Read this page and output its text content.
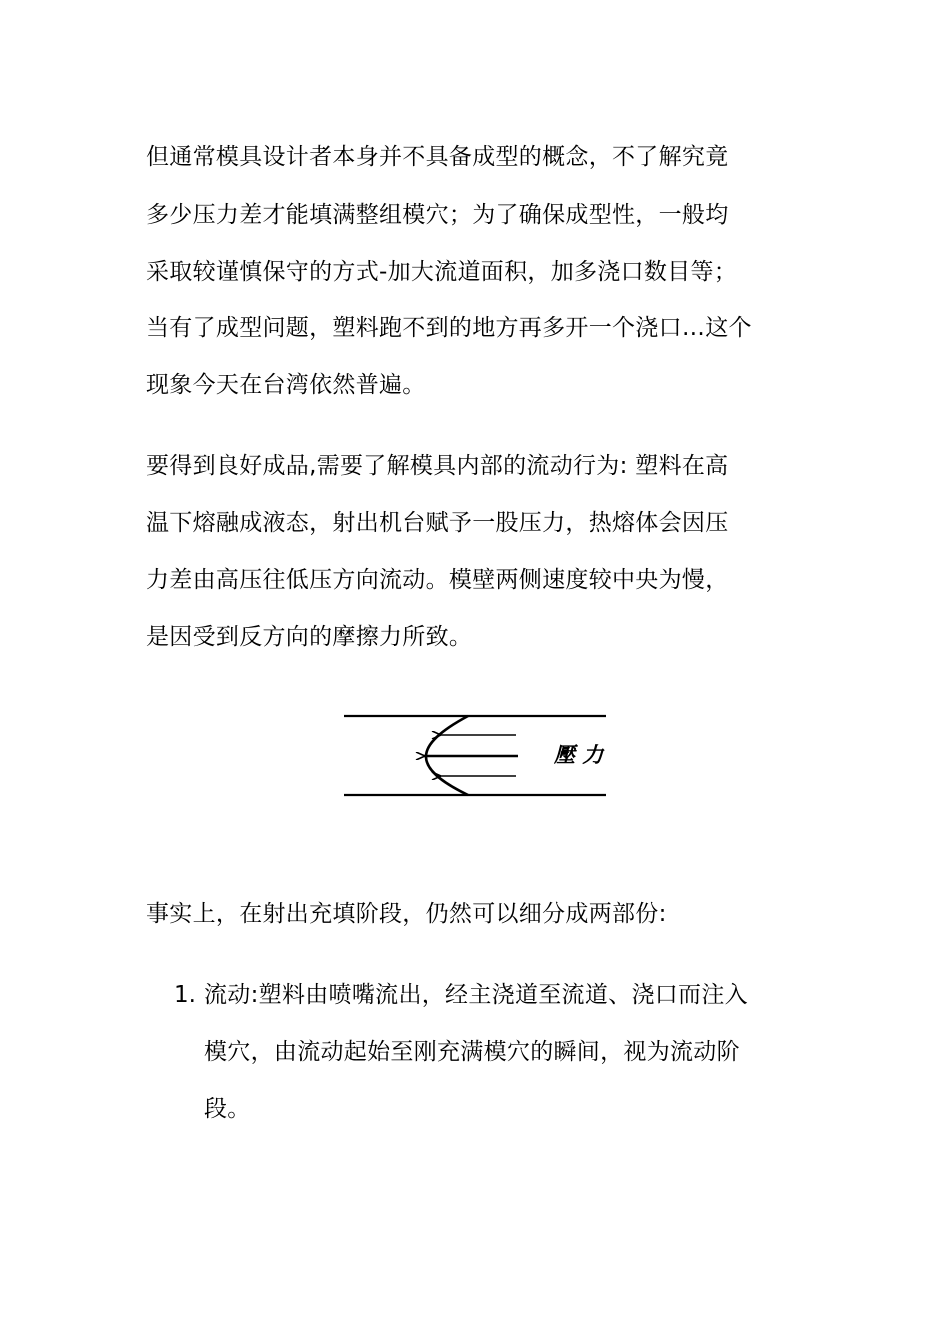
但通常模具设计者本身并不具备成型的概念，不了解究竟
多少压力差才能填满整组模穴；为了确保成型性，一般均
采取较谨慎保守的方式-加大流道面积，加多浇口数目等；
当有了成型问题，塑料跑不到的地方再多开一个浇口…这个
现象今天在台湾依然普遍。
要得到良好成品,需要了解模具内部的流动行为: 塑料在高
温下熔融成液态，射出机台赋予一股压力，热熔体会因压
力差由高压往低压方向流动。模壁两侧速度较中央为慢，
是因受到反方向的摩擦力所致。
壓 力
事实上，在射出充填阶段，仍然可以细分成两部份:
1. 流动:塑料由喷嘴流出，经主浇道至流道、浇口而注入
模穴，由流动起始至刚充满模穴的瞬间，视为流动阶
段。
